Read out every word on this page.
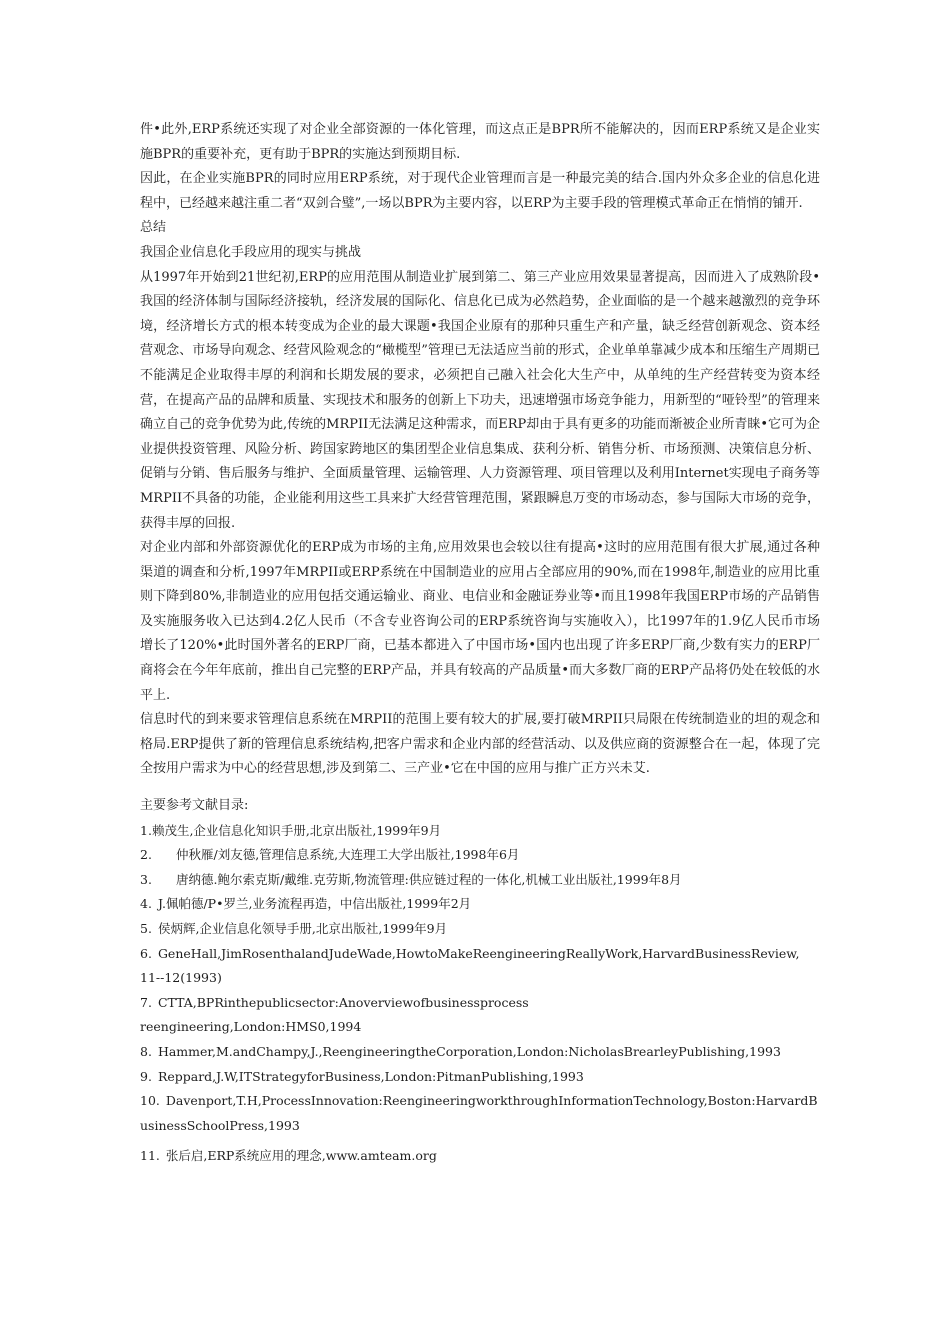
件•此外,ERP系统还实现了对企业全部资源的一体化管理，而这点正是BPR所不能解决的，因而ERP系统又是企业实施BPR的重要补充，更有助于BPR的实施达到预期目标.

因此，在企业实施BPR的同时应用ERP系统，对于现代企业管理而言是一种最完美的结合.国内外众多企业的信息化进程中，已经越来越注重二者“双剑合璧”,一场以BPR为主要内容，以ERP为主要手段的管理模式革命正在悄悄的铺开.

总结

我国企业信息化手段应用的现实与挑战

从1997年开始到21世纪初,ERP的应用范围从制造业扩展到第二、第三产业应用效果显著提高，因而进入了成熟阶段•我国的经济体制与国际经济接轨，经济发展的国际化、信息化已成为必然趋势，企业面临的是一个越来越激烈的竞争环境，经济增长方式的根本转变成为企业的最大课题•我国企业原有的那种只重生产和产量，缺乏经营创新观念、资本经营观念、市场导向观念、经营风险观念的“橄榄型”管理已无法适应当前的形式，企业单单靠减少成本和压缩生产周期已不能满足企业取得丰厚的利润和长期发展的要求，必须把自己融入社会化大生产中，从单纯的生产经营转变为资本经营，在提高产品的品牌和质量、实现技术和服务的创新上下功夫，迅速增强市场竞争能力，用新型的“哑铃型”的管理来确立自己的竞争优势为此,传统的MRPII无法满足这种需求，而ERP却由于具有更多的功能而渐被企业所青睐•它可为企业提供投资管理、风险分析、跨国家跨地区的集团型企业信息集成、获利分析、销售分析、市场预测、决策信息分析、促销与分销、售后服务与维护、全面质量管理、运输管理、人力资源管理、项目管理以及利用Internet实现电子商务等MRPII不具备的功能，企业能利用这些工具来扩大经营管理范围，紧跟瞬息万变的市场动态，参与国际大市场的竞争，获得丰厚的回报.

对企业内部和外部资源优化的ERP成为市场的主角,应用效果也会较以往有提高•这时的应用范围有很大扩展,通过各种渠道的调查和分析,1997年MRPII或ERP系统在中国制造业的应用占全部应用的90%,而在1998年,制造业的应用比重则下降到80%,非制造业的应用包括交通运输业、商业、电信业和金融证券业等•而且1998年我国ERP市场的产品销售及实施服务收入已达到4.2亿人民币（不含专业咨询公司的ERP系统咨询与实施收入），比1997年的1.9亿人民币市场增长了120%•此时国外著名的ERP厂商，已基本都进入了中国市场•国内也出现了许多ERP厂商,少数有实力的ERP厂商将会在今年年底前，推出自己完整的ERP产品，并具有较高的产品质量•而大多数厂商的ERP产品将仍处在较低的水平上.

信息时代的到来要求管理信息系统在MRPII的范围上要有较大的扩展,要打破MRPII只局限在传统制造业的坦的观念和格局.ERP提供了新的管理信息系统结构,把客户需求和企业内部的经营活动、以及供应商的资源整合在一起，体现了完全按用户需求为中心的经营思想,涉及到第二、三产业•它在中国的应用与推广正方兴未艾.

主要参考文献目录:

1.赖茂生,企业信息化知识手册,北京出版社,1999年9月

2. 仲秋雁/刘友德,管理信息系统,大连理工大学出版社,1998年6月

3. 唐纳德.鲍尔索克斯/戴维.克劳斯,物流管理:供应链过程的一体化,机械工业出版社,1999年8月

4. J.佩帕德/P•罗兰,业务流程再造，中信出版社,1999年2月

5. 侯炳辉,企业信息化领导手册,北京出版社,1999年9月

6. GeneHall,JimRosenthalandJudeWade,HowtoMakeReengineeringReallyWork,HarvardBusinessReview,
11--12(1993)

7. CTTA,BPRinthepublicsector:Anoverviewofbusinessprocess
reengineering,London:HMS0,1994

8. Hammer,M.andChampy,J.,ReengineeringtheCorporation,London:NicholasBrearleyPublishing,1993

9. Reppard,J.W,ITStrategyforBusiness,London:PitmanPublishing,1993

10. Davenport,T.H,ProcessInnovation:ReengineeringworkthroughInformationTechnology,Boston:HarvardBusinessSchoolPress,1993

11. 张后启,ERP系统应用的理念,www.amteam.org
